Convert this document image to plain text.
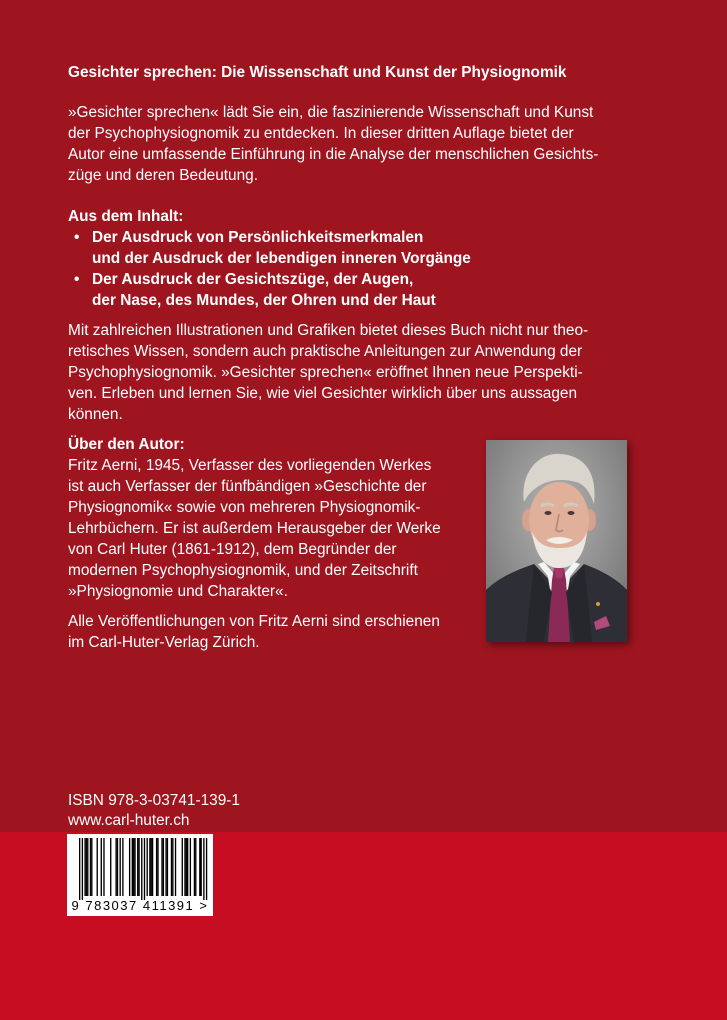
Gesichter sprechen: Die Wissenschaft und Kunst der Physiognomik
»Gesichter sprechen« lädt Sie ein, die faszinierende Wissenschaft und Kunst
der Psychophysiognomik zu entdecken. In dieser dritten Auflage bietet der
Autor eine umfassende Einführung in die Analyse der menschlichen Gesichts-
züge und deren Bedeutung.
Aus dem Inhalt:
• Der Ausdruck von Persönlichkeitsmerkmalen
und der Ausdruck der lebendigen inneren Vorgänge
• Der Ausdruck der Gesichtszüge, der Augen,
der Nase, des Mundes, der Ohren und der Haut
Mit zahlreichen Illustrationen und Grafiken bietet dieses Buch nicht nur theo-
retisches Wissen, sondern auch praktische Anleitungen zur Anwendung der
Psychophysiognomik. »Gesichter sprechen« eröffnet Ihnen neue Perspekti-
ven. Erleben und lernen Sie, wie viel Gesichter wirklich über uns aussagen
können.
Über den Autor:
Fritz Aerni, 1945, Verfasser des vorliegenden Werkes
ist auch Verfasser der fünfbändigen »Geschichte der
Physiognomik« sowie von mehreren Physiognomik-
Lehrbüchern. Er ist außerdem Herausgeber der Werke
von Carl Huter (1861-1912), dem Begründer der
modernen Psychophysiognomik, und der Zeitschrift
»Physiognomie und Charakter«.
Alle Veröffentlichungen von Fritz Aerni sind erschienen
im Carl-Huter-Verlag Zürich.
ISBN 978-3-03741-139-1
www.carl-huter.ch
9 783037 411391 >
